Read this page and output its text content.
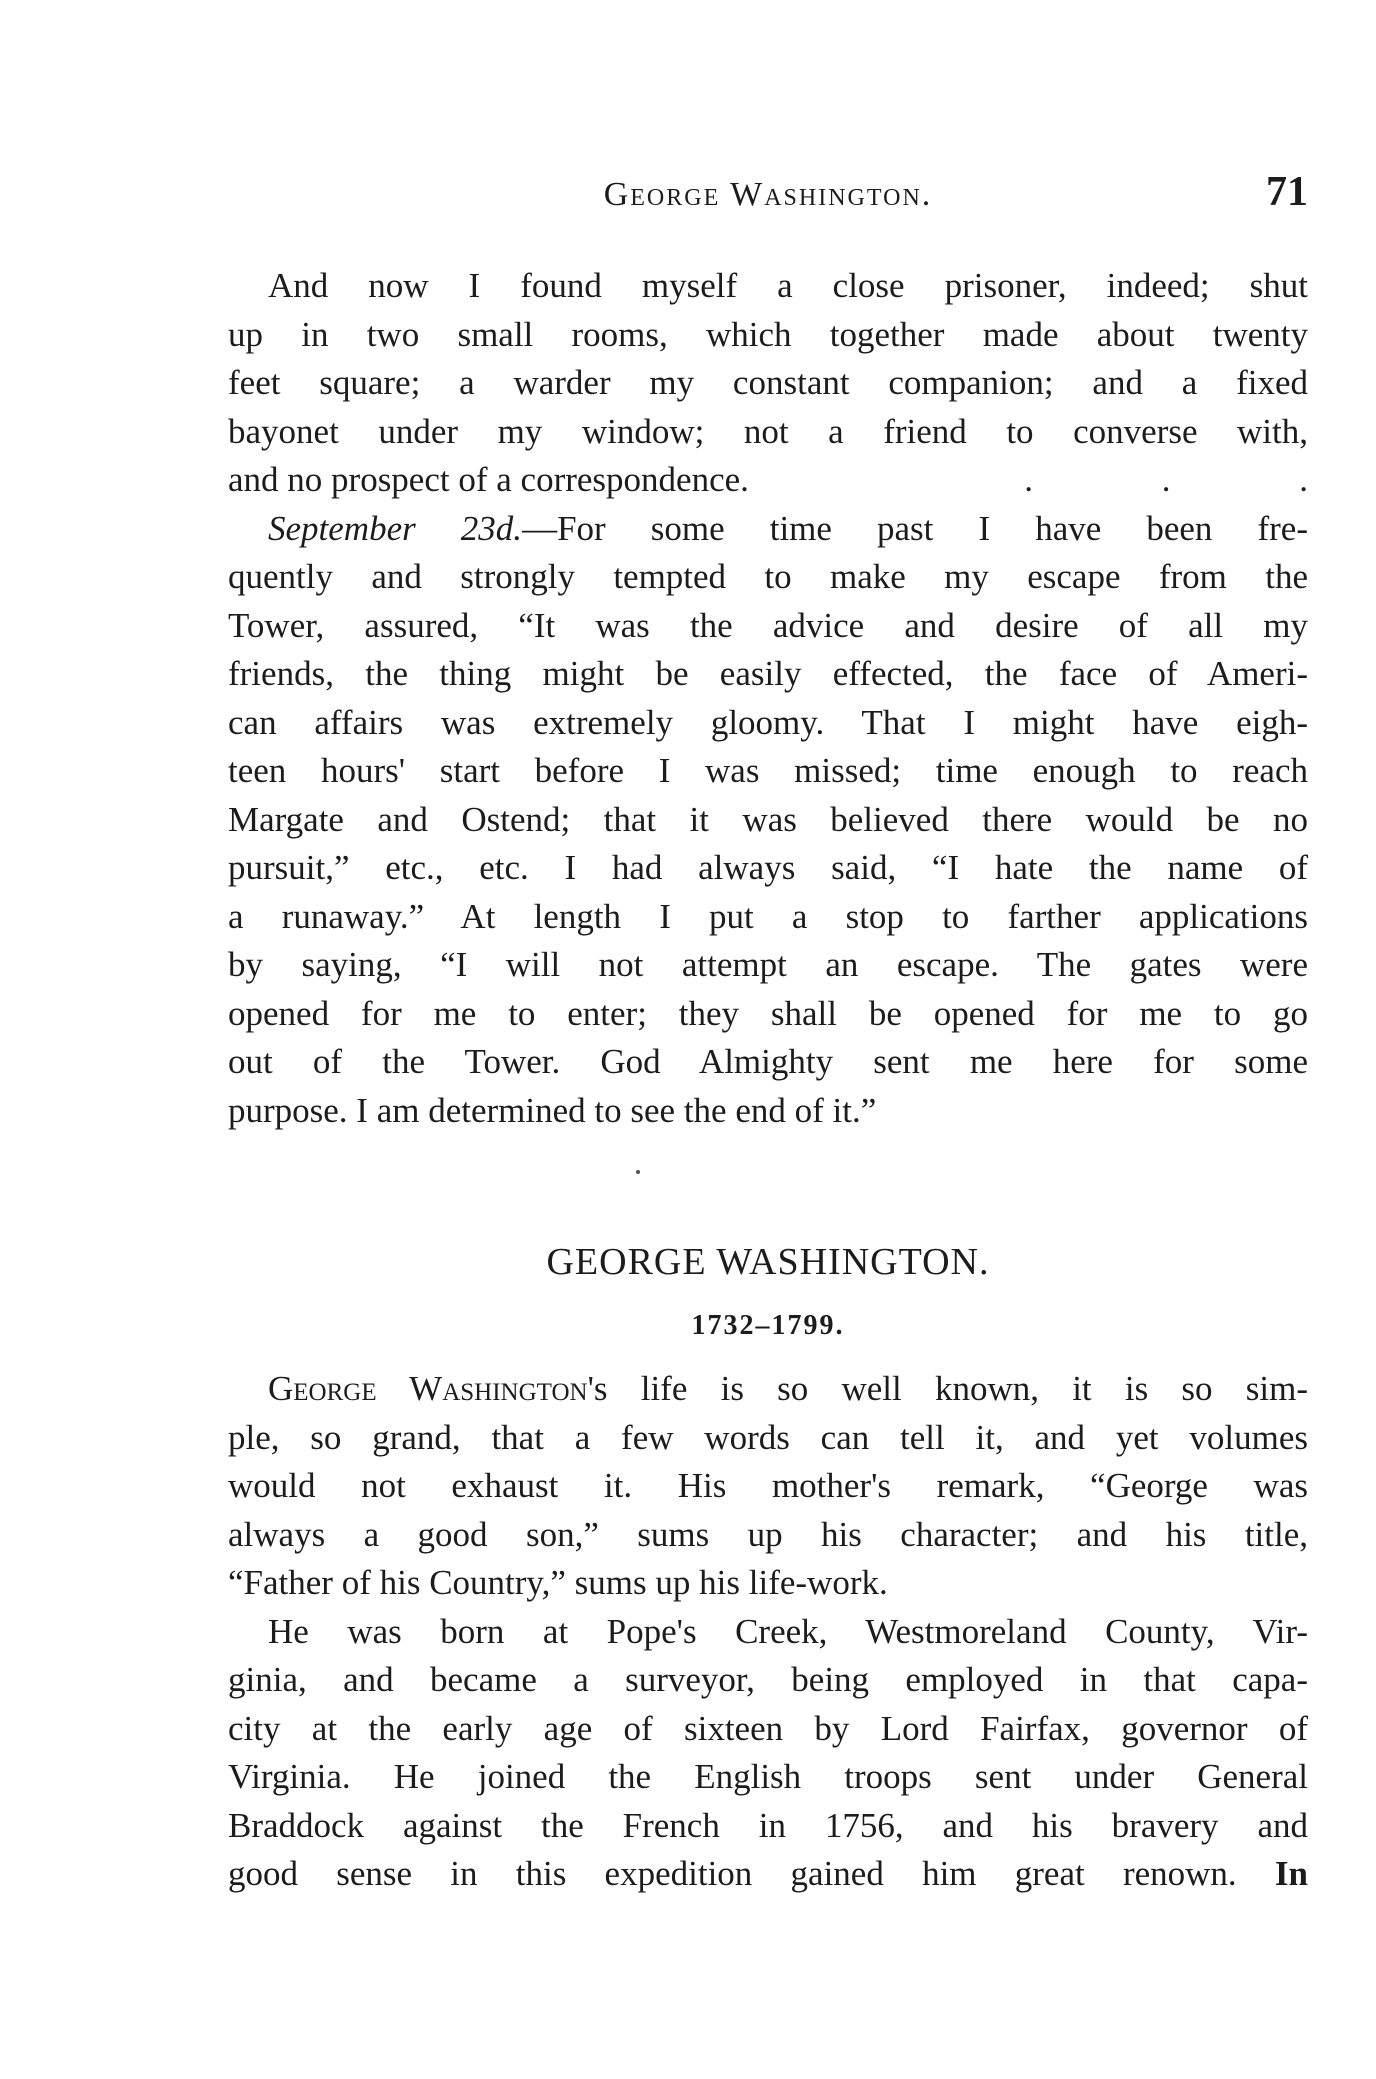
George Washington.	71
And now I found myself a close prisoner, indeed; shut
up in two small rooms, which together made about twenty
feet square; a warder my constant companion; and a fixed
bayonet under my window; not a friend to converse with,
and no prospect of a correspondence.	. . .
September 23d.—For some time past I have been fre-
quently and strongly tempted to make my escape from the
Tower, assured, “It was the advice and desire of all my
friends, the thing might be easily effected, the face of Ameri-
can affairs was extremely gloomy. That I might have eigh-
teen hours' start before I was missed; time enough to reach
Margate and Ostend; that it was believed there would be no
pursuit,” etc., etc. I had always said, “I hate the name of
a runaway.” At length I put a stop to farther applications
by saying, “I will not attempt an escape. The gates were
opened for me to enter; they shall be opened for me to go
out of the Tower. God Almighty sent me here for some
purpose. I am determined to see the end of it.”
GEORGE WASHINGTON.
1732–1799.
George Washington's life is so well known, it is so sim-
ple, so grand, that a few words can tell it, and yet volumes
would not exhaust it. His mother's remark, “George was
always a good son,” sums up his character; and his title,
“Father of his Country,” sums up his life-work.
He was born at Pope's Creek, Westmoreland County, Vir-
ginia, and became a surveyor, being employed in that capa-
city at the early age of sixteen by Lord Fairfax, governor of
Virginia. He joined the English troops sent under General
Braddock against the French in 1756, and his bravery and
good sense in this expedition gained him great renown. In
